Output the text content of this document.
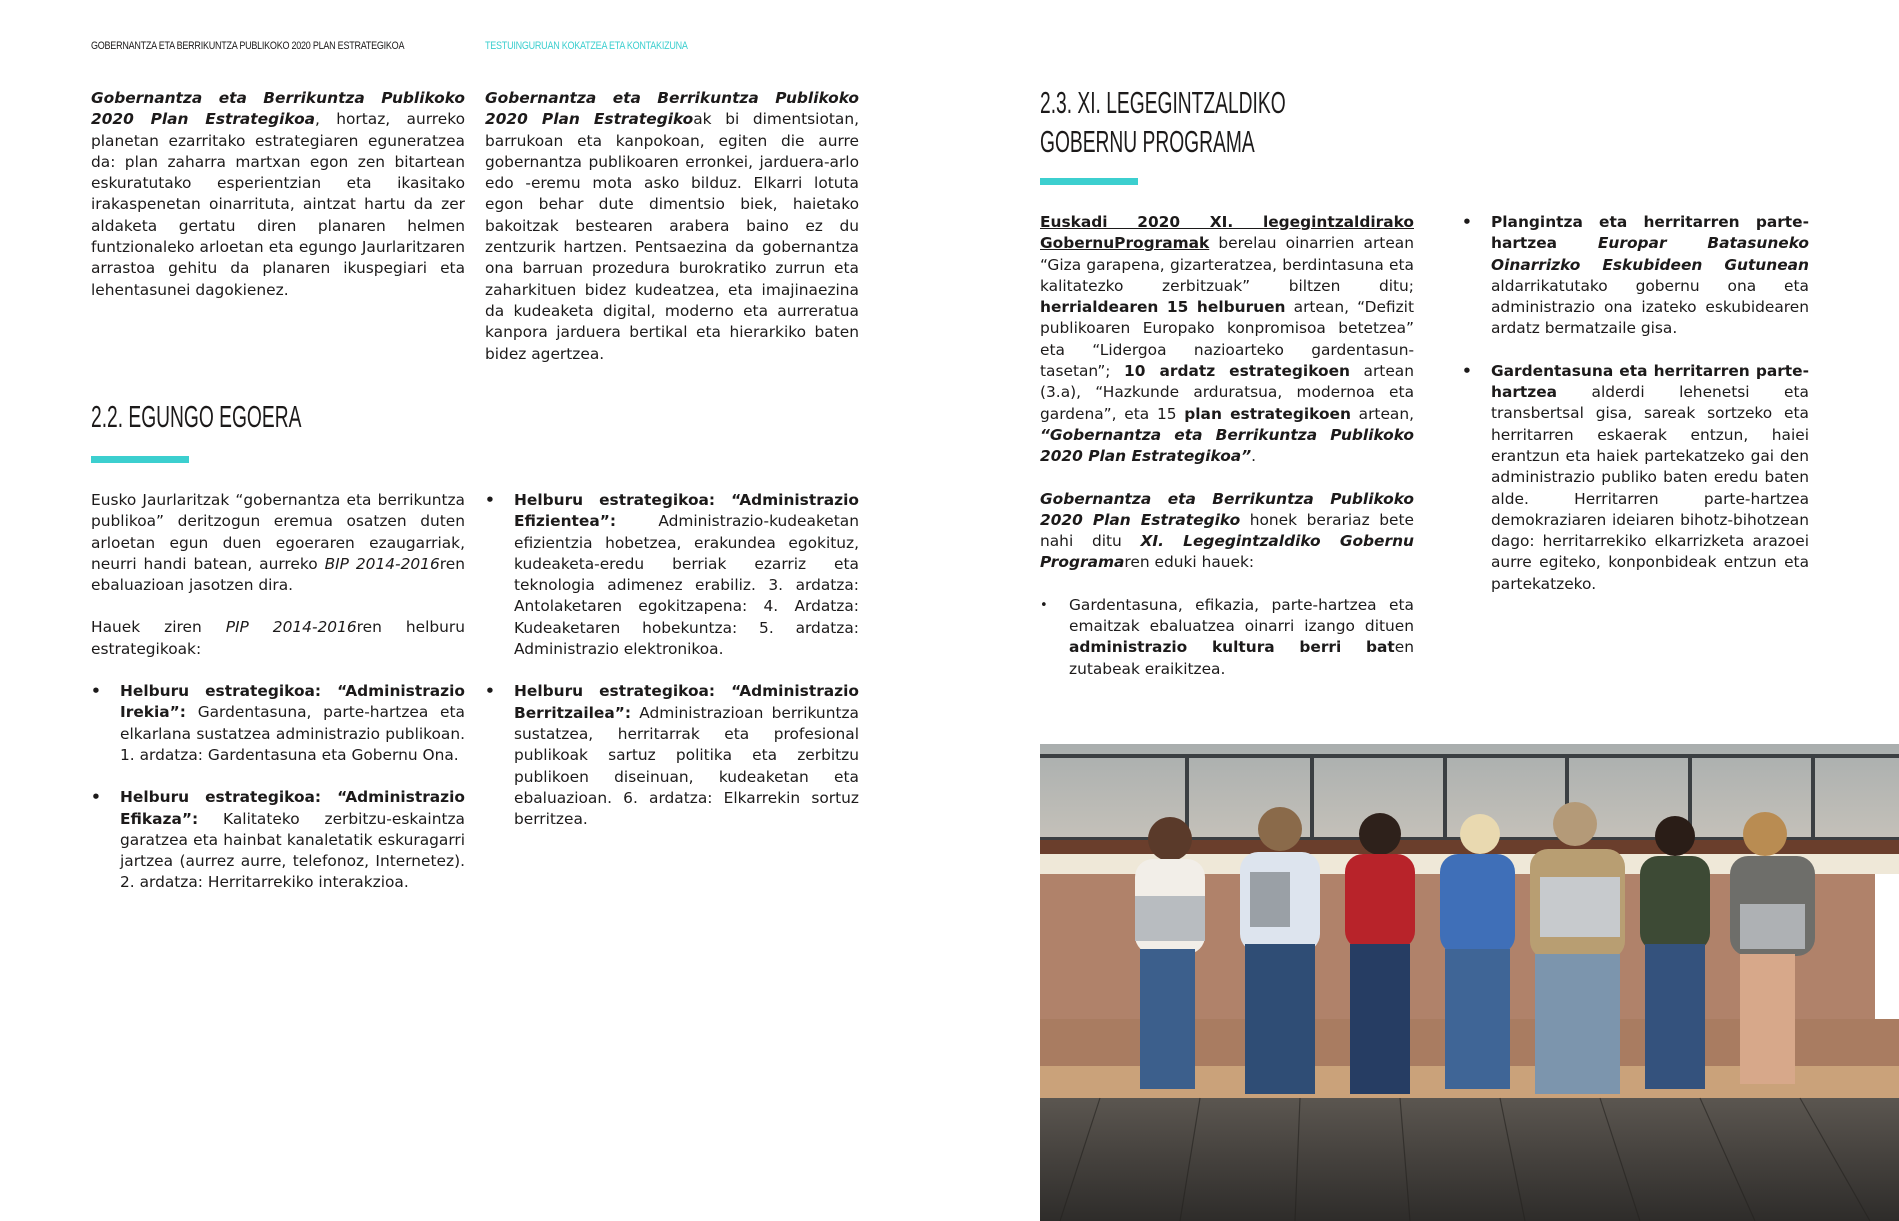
GOBERNANTZA ETA BERRIKUNTZA PUBLIKOKO 2020 PLAN ESTRATEGIKOA	TESTUINGURUAN KOKATZEA ETA KONTAKIZUNA

Gobernantza eta Berrikuntza Publikoko 2020 Plan Estrategikoa, hortaz, aurreko planetan ezarritako estrategiaren eguneratzea da: plan zaharra martxan egon zen bitartean eskuratutako esperientzian eta ikasitako irakaspenetan oinarrituta, aintzat hartu da zer aldaketa gertatu diren planaren helmen funtzionaleko arloetan eta egungo Jaurlaritzaren arrastoa gehitu da planaren ikuspegiari eta lehentasunei dagokienez.

Gobernantza eta Berrikuntza Publikoko 2020 Plan Estrategikoak bi dimentsiotan, barrukoan eta kanpokoan, egiten die aurre gobernantza publikoaren erronkei, jarduera-arlo edo -eremu mota asko bilduz. Elkarri lotuta egon behar dute dimentsio biek, haietako bakoitzak bestearen arabera baino ez du zentzurik hartzen. Pentsaezina da gobernantza ona barruan prozedura burokratiko zurrun eta zaharkituen bidez kudeatzea, eta imajinaezina da kudeaketa digital, moderno eta aurreratua kanpora jarduera bertikal eta hierarkiko baten bidez agertzea.

2.2. EGUNGO EGOERA

Eusko Jaurlaritzak “gobernantza eta berrikuntza publikoa” deritzogun eremua osatzen duten arloetan egun duen egoeraren ezaugarriak, neurri handi batean, aurreko BIP 2014-2016ren ebaluazioan jasotzen dira.

Hauek ziren PIP 2014-2016ren helburu estrategikoak:

• Helburu estrategikoa: “Administrazio Irekia”: Gardentasuna, parte-hartzea eta elkarlana sustatzea administrazio publikoan. 1. ardatza: Gardentasuna eta Gobernu Ona.
• Helburu estrategikoa: “Administrazio Efikaza”: Kalitateko zerbitzu-eskaintza garatzea eta hainbat kanaletatik eskuragarri jartzea (aurrez aurre, telefonoz, Internetez). 2. ardatza: Herritarrekiko interakzioa.
• Helburu estrategikoa: “Administrazio Efizientea”: Administrazio-kudeaketan efizientzia hobetzea, erakundea egokituz, kudeaketa-eredu berriak ezarriz eta teknologia adimenez erabiliz. 3. ardatza: Antolaketaren egokitzapena: 4. Ardatza: Kudeaketaren hobekuntza: 5. ardatza: Administrazio elektronikoa.
• Helburu estrategikoa: “Administrazio Berritzailea”: Administrazioan berrikuntza sustatzea, herritarrak eta profesional publikoak sartuz politika eta zerbitzu publikoen diseinuan, kudeaketan eta ebaluazioan. 6. ardatza: Elkarrekin sortuz berritzea.
2.3. XI. LEGEGINTZALDIKO
GOBERNU PROGRAMA

Euskadi 2020 XI. legegintzaldirako GobernuProgramak berelau oinarrien artean “Giza garapena, gizarteratzea, berdintasuna eta kalitatezko zerbitzuak” biltzen ditu; herrialdearen 15 helburuen artean, “Defizit publikoaren Europako konpromisoa betetzea” eta “Lidergoa nazioarteko gardentasun-tasetan”; 10 ardatz estrategikoen artean (3.a), “Hazkunde arduratsua, modernoa eta gardena”, eta 15 plan estrategikoen artean, “Gobernantza eta Berrikuntza Publikoko 2020 Plan Estrategikoa”.

Gobernantza eta Berrikuntza Publikoko 2020 Plan Estrategiko honek berariaz bete nahi ditu XI. Legegintzaldiko Gobernu Programaren eduki hauek:

• Gardentasuna, efikazia, parte-hartzea eta emaitzak ebaluatzea oinarri izango dituen administrazio kultura berri baten zutabeak eraikitzea.
• Plangintza eta herritarren parte-hartzea Europar Batasuneko Oinarrizko Eskubideen Gutunean aldarrikatutako gobernu ona eta administrazio ona izateko eskubidearen ardatz bermatzaile gisa.
• Gardentasuna eta herritarren parte-hartzea alderdi lehenetsi eta transbertsal gisa, sareak sortzeko eta herritarren eskaerak entzun, haiei erantzun eta haiek partekatzeko gai den administrazio publiko baten eredu baten alde. Herritarren parte-hartzea demokraziaren ideiaren bihotz-bihotzean dago: herritarrekiko elkarrizketa arazoei aurre egiteko, konponbideak entzun eta partekatzeko.
